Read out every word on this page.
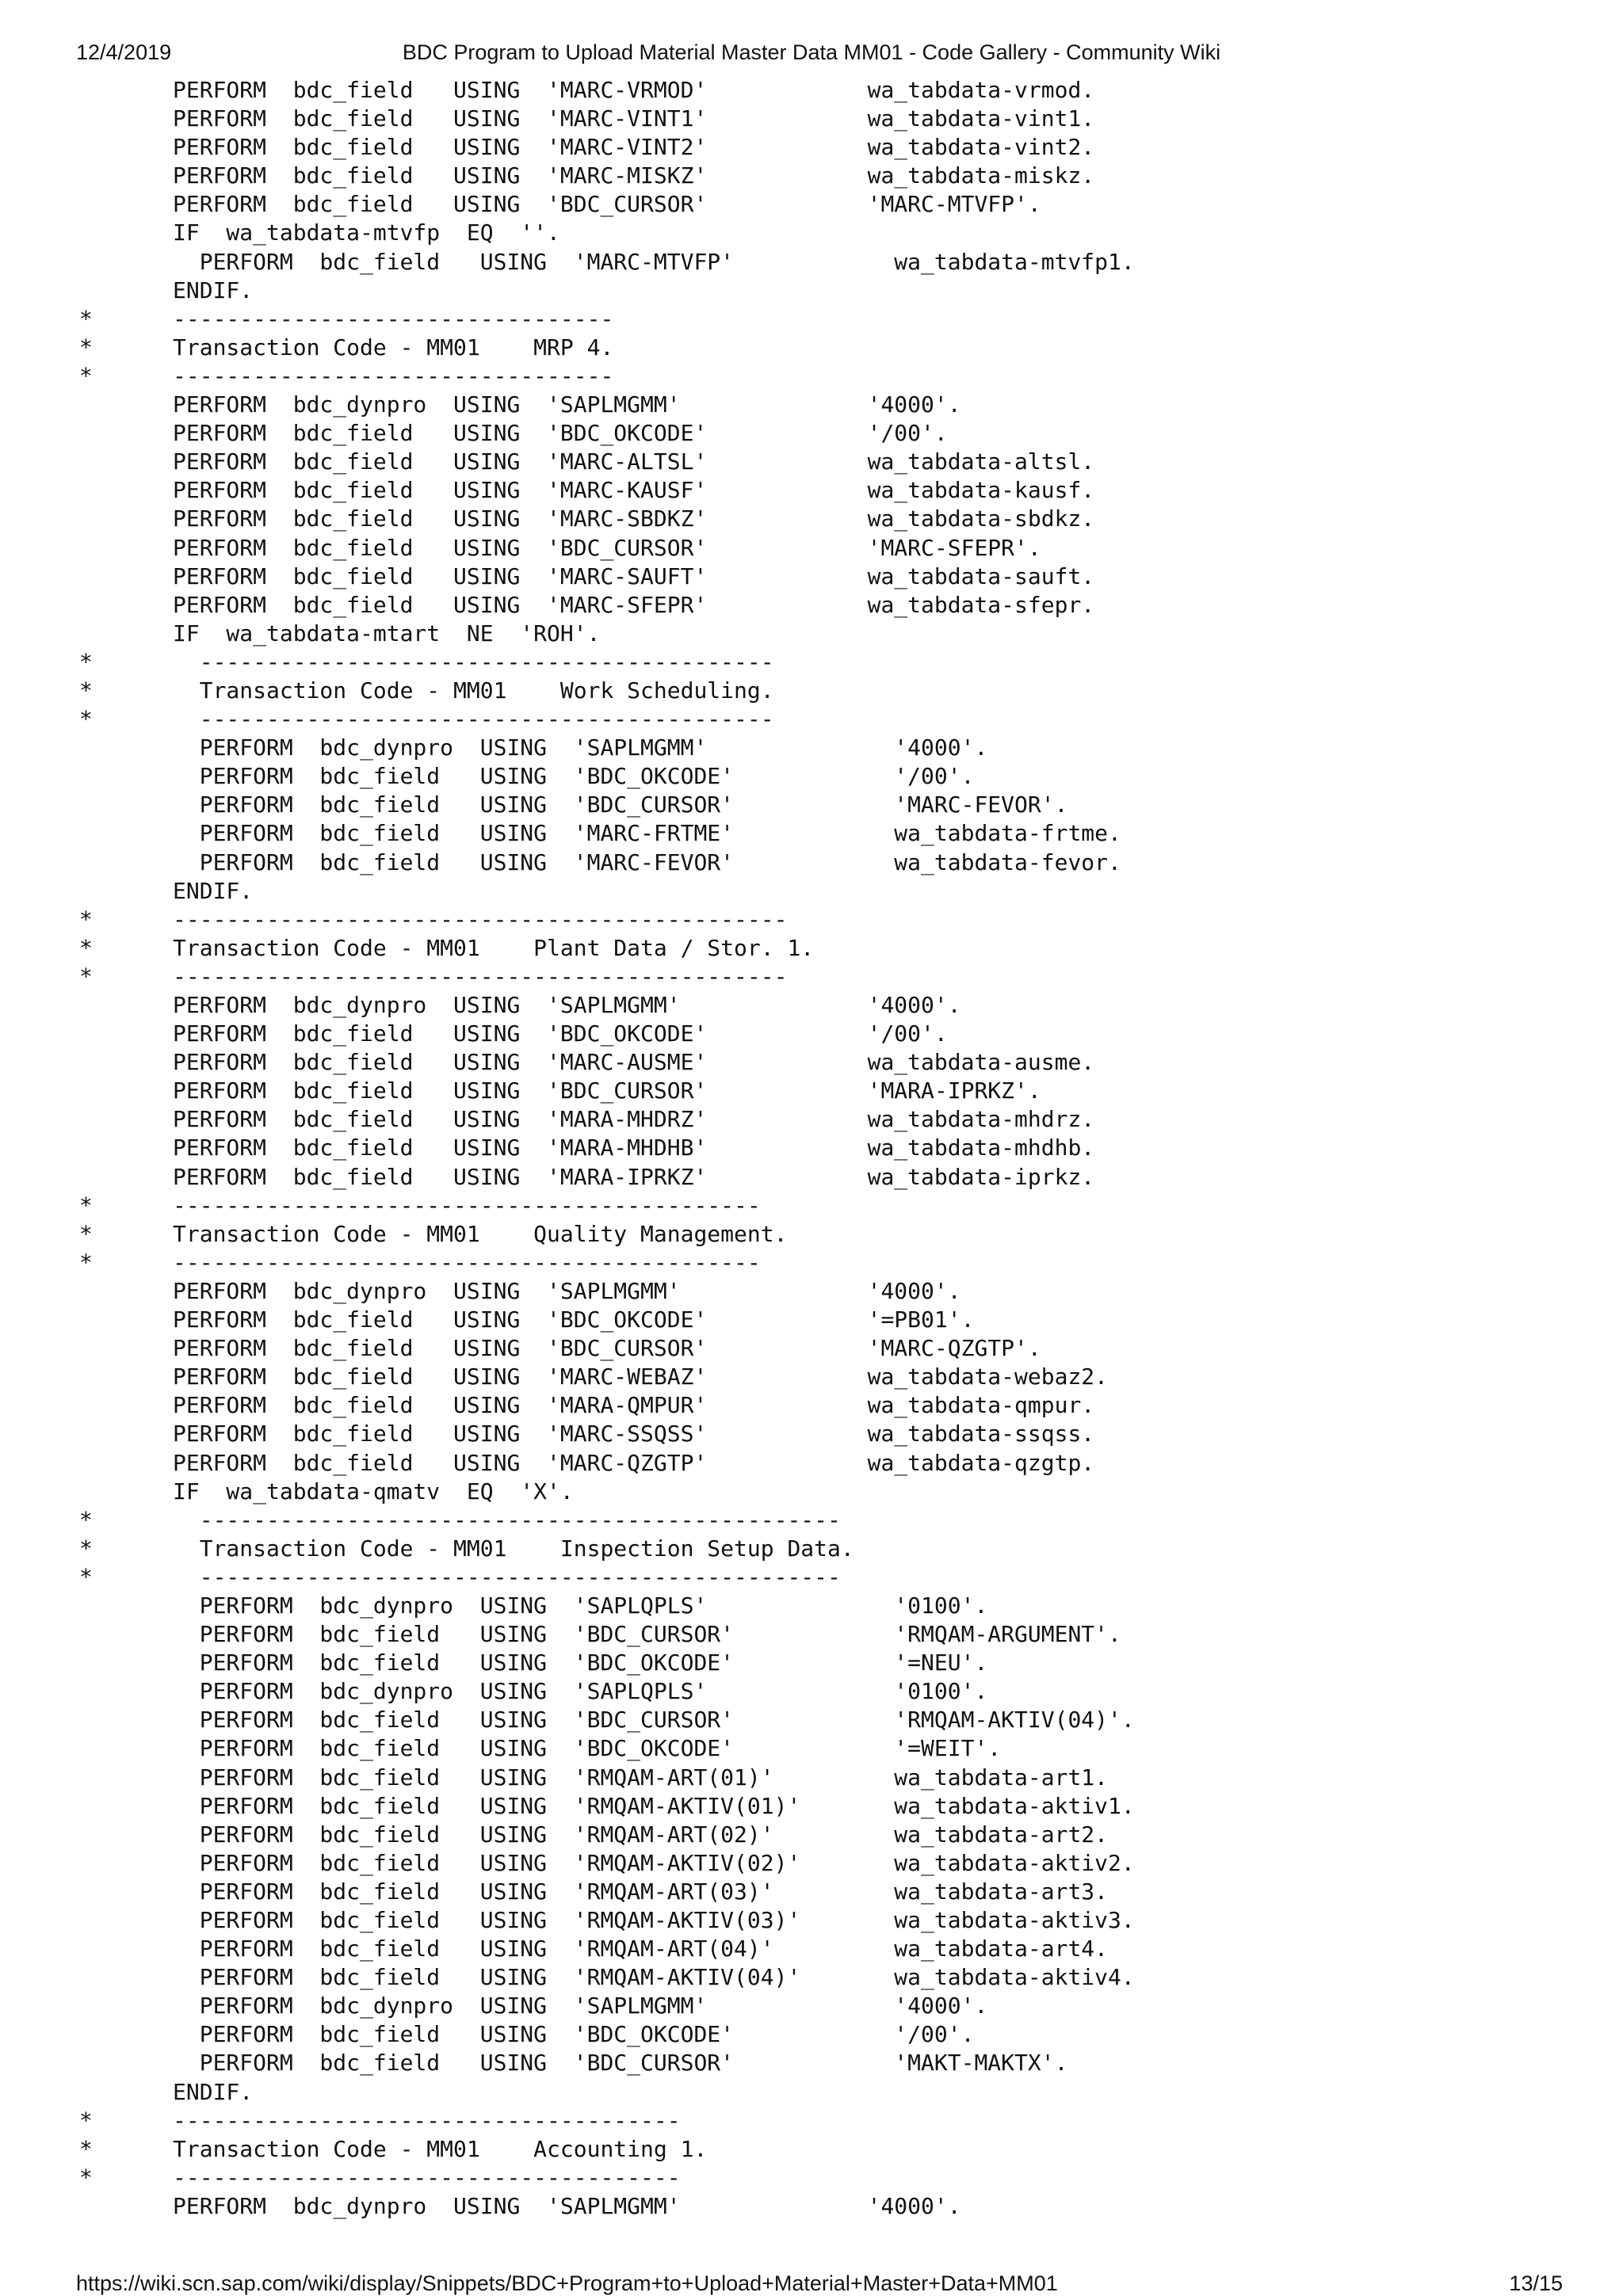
12/4/2019	BDC Program to Upload Material Master Data MM01 - Code Gallery - Community Wiki
PERFORM  bdc_field   USING  'MARC-VRMOD'            wa_tabdata-vrmod.
PERFORM  bdc_field   USING  'MARC-VINT1'            wa_tabdata-vint1.
PERFORM  bdc_field   USING  'MARC-VINT2'            wa_tabdata-vint2.
PERFORM  bdc_field   USING  'MARC-MISKZ'            wa_tabdata-miskz.
PERFORM  bdc_field   USING  'BDC_CURSOR'            'MARC-MTVFP'.
IF  wa_tabdata-mtvfp  EQ  ''.
PERFORM  bdc_field   USING  'MARC-MTVFP'            wa_tabdata-mtvfp1.
ENDIF.
*      ---------------------------------
*      Transaction Code - MM01    MRP 4.
*      ---------------------------------
PERFORM  bdc_dynpro  USING  'SAPLMGMM'              '4000'.
PERFORM  bdc_field   USING  'BDC_OKCODE'            '/00'.
PERFORM  bdc_field   USING  'MARC-ALTSL'            wa_tabdata-altsl.
PERFORM  bdc_field   USING  'MARC-KAUSF'            wa_tabdata-kausf.
PERFORM  bdc_field   USING  'MARC-SBDKZ'            wa_tabdata-sbdkz.
PERFORM  bdc_field   USING  'BDC_CURSOR'            'MARC-SFEPR'.
PERFORM  bdc_field   USING  'MARC-SAUFT'            wa_tabdata-sauft.
PERFORM  bdc_field   USING  'MARC-SFEPR'            wa_tabdata-sfepr.
IF  wa_tabdata-mtart  NE  'ROH'.
*        -------------------------------------------
*        Transaction Code - MM01    Work Scheduling.
*        -------------------------------------------
PERFORM  bdc_dynpro  USING  'SAPLMGMM'              '4000'.
PERFORM  bdc_field   USING  'BDC_OKCODE'            '/00'.
PERFORM  bdc_field   USING  'BDC_CURSOR'            'MARC-FEVOR'.
PERFORM  bdc_field   USING  'MARC-FRTME'            wa_tabdata-frtme.
PERFORM  bdc_field   USING  'MARC-FEVOR'            wa_tabdata-fevor.
ENDIF.
*      ----------------------------------------------
*      Transaction Code - MM01    Plant Data / Stor. 1.
*      ----------------------------------------------
PERFORM  bdc_dynpro  USING  'SAPLMGMM'              '4000'.
PERFORM  bdc_field   USING  'BDC_OKCODE'            '/00'.
PERFORM  bdc_field   USING  'MARC-AUSME'            wa_tabdata-ausme.
PERFORM  bdc_field   USING  'BDC_CURSOR'            'MARA-IPRKZ'.
PERFORM  bdc_field   USING  'MARA-MHDRZ'            wa_tabdata-mhdrz.
PERFORM  bdc_field   USING  'MARA-MHDHB'            wa_tabdata-mhdhb.
PERFORM  bdc_field   USING  'MARA-IPRKZ'            wa_tabdata-iprkz.
*      --------------------------------------------
*      Transaction Code - MM01    Quality Management.
*      --------------------------------------------
PERFORM  bdc_dynpro  USING  'SAPLMGMM'              '4000'.
PERFORM  bdc_field   USING  'BDC_OKCODE'            '=PB01'.
PERFORM  bdc_field   USING  'BDC_CURSOR'            'MARC-QZGTP'.
PERFORM  bdc_field   USING  'MARC-WEBAZ'            wa_tabdata-webaz2.
PERFORM  bdc_field   USING  'MARA-QMPUR'            wa_tabdata-qmpur.
PERFORM  bdc_field   USING  'MARC-SSQSS'            wa_tabdata-ssqss.
PERFORM  bdc_field   USING  'MARC-QZGTP'            wa_tabdata-qzgtp.
IF  wa_tabdata-qmatv  EQ  'X'.
*        ------------------------------------------------
*        Transaction Code - MM01    Inspection Setup Data.
*        ------------------------------------------------
PERFORM  bdc_dynpro  USING  'SAPLQPLS'              '0100'.
PERFORM  bdc_field   USING  'BDC_CURSOR'            'RMQAM-ARGUMENT'.
PERFORM  bdc_field   USING  'BDC_OKCODE'            '=NEU'.
PERFORM  bdc_dynpro  USING  'SAPLQPLS'              '0100'.
PERFORM  bdc_field   USING  'BDC_CURSOR'            'RMQAM-AKTIV(04)'.
PERFORM  bdc_field   USING  'BDC_OKCODE'            '=WEIT'.
PERFORM  bdc_field   USING  'RMQAM-ART(01)'         wa_tabdata-art1.
PERFORM  bdc_field   USING  'RMQAM-AKTIV(01)'       wa_tabdata-aktiv1.
PERFORM  bdc_field   USING  'RMQAM-ART(02)'         wa_tabdata-art2.
PERFORM  bdc_field   USING  'RMQAM-AKTIV(02)'       wa_tabdata-aktiv2.
PERFORM  bdc_field   USING  'RMQAM-ART(03)'         wa_tabdata-art3.
PERFORM  bdc_field   USING  'RMQAM-AKTIV(03)'       wa_tabdata-aktiv3.
PERFORM  bdc_field   USING  'RMQAM-ART(04)'         wa_tabdata-art4.
PERFORM  bdc_field   USING  'RMQAM-AKTIV(04)'       wa_tabdata-aktiv4.
PERFORM  bdc_dynpro  USING  'SAPLMGMM'              '4000'.
PERFORM  bdc_field   USING  'BDC_OKCODE'            '/00'.
PERFORM  bdc_field   USING  'BDC_CURSOR'            'MAKT-MAKTX'.
ENDIF.
*      --------------------------------------
*      Transaction Code - MM01    Accounting 1.
*      --------------------------------------
PERFORM  bdc_dynpro  USING  'SAPLMGMM'              '4000'.
https://wiki.scn.sap.com/wiki/display/Snippets/BDC+Program+to+Upload+Material+Master+Data+MM01	13/15
